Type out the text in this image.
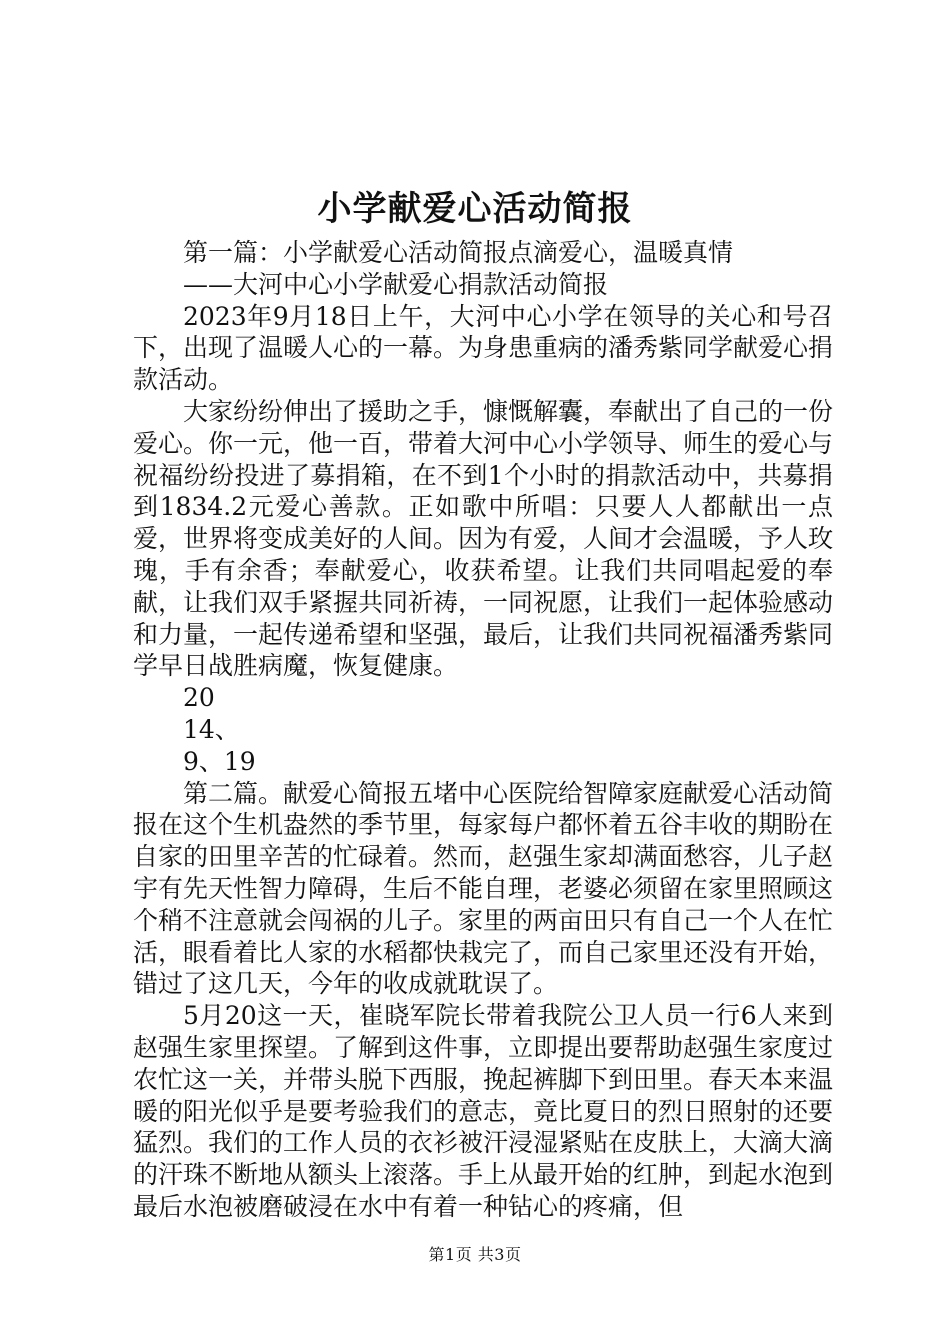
小学献爱心活动简报

第一篇：小学献爱心活动简报点滴爱心，温暖真情

——大河中心小学献爱心捐款活动简报

2023年9月18日上午，大河中心小学在领导的关心和号召下，出现了温暖人心的一幕。为身患重病的潘秀紫同学献爱心捐款活动。

大家纷纷伸出了援助之手，慷慨解囊，奉献出了自己的一份爱心。你一元，他一百，带着大河中心小学领导、师生的爱心与祝福纷纷投进了募捐箱，在不到1个小时的捐款活动中，共募捐到1834.2元爱心善款。正如歌中所唱：只要人人都献出一点爱，世界将变成美好的人间。因为有爱，人间才会温暖，予人玫瑰，手有余香；奉献爱心，收获希望。让我们共同唱起爱的奉献，让我们双手紧握共同祈祷，一同祝愿，让我们一起体验感动和力量，一起传递希望和坚强，最后，让我们共同祝福潘秀紫同学早日战胜病魔，恢复健康。

20

14、

9、19

第二篇。献爱心简报五堵中心医院给智障家庭献爱心活动简报在这个生机盎然的季节里，每家每户都怀着五谷丰收的期盼在自家的田里辛苦的忙碌着。然而，赵强生家却满面愁容，儿子赵宇有先天性智力障碍，生后不能自理，老婆必须留在家里照顾这个稍不注意就会闯祸的儿子。家里的两亩田只有自己一个人在忙活，眼看着比人家的水稻都快栽完了，而自己家里还没有开始，错过了这几天，今年的收成就耽误了。

5月20这一天，崔晓军院长带着我院公卫人员一行6人来到赵强生家里探望。了解到这件事，立即提出要帮助赵强生家度过农忙这一关，并带头脱下西服，挽起裤脚下到田里。春天本来温暖的阳光似乎是要考验我们的意志，竟比夏日的烈日照射的还要猛烈。我们的工作人员的衣衫被汗浸湿紧贴在皮肤上，大滴大滴的汗珠不断地从额头上滚落。手上从最开始的红肿，到起水泡到最后水泡被磨破浸在水中有着一种钻心的疼痛，但

第1页 共3页
